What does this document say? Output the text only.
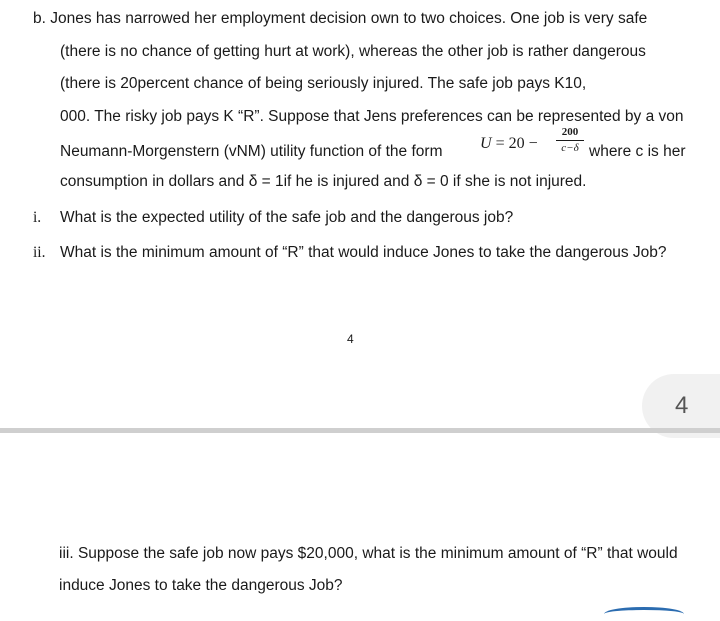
b. Jones has narrowed her employment decision own to two choices. One job is very safe
(there is no chance of getting hurt at work), whereas the other job is rather dangerous
(there is 20percent chance of being seriously injured. The safe job pays K10,
000. The risky job pays K “R”. Suppose that Jens preferences can be represented by a von
Neumann-Morgenstern (vNM) utility function of the form U = 20 −
200
c−δ where c is her
consumption in dollars and δ = 1if he is injured and δ = 0 if she is not injured.
i. What is the expected utility of the safe job and the dangerous job?
ii. What is the minimum amount of “R” that would induce Jones to take the dangerous Job?
4
4
iii. Suppose the safe job now pays $20,000, what is the minimum amount of “R” that would
induce Jones to take the dangerous Job?
